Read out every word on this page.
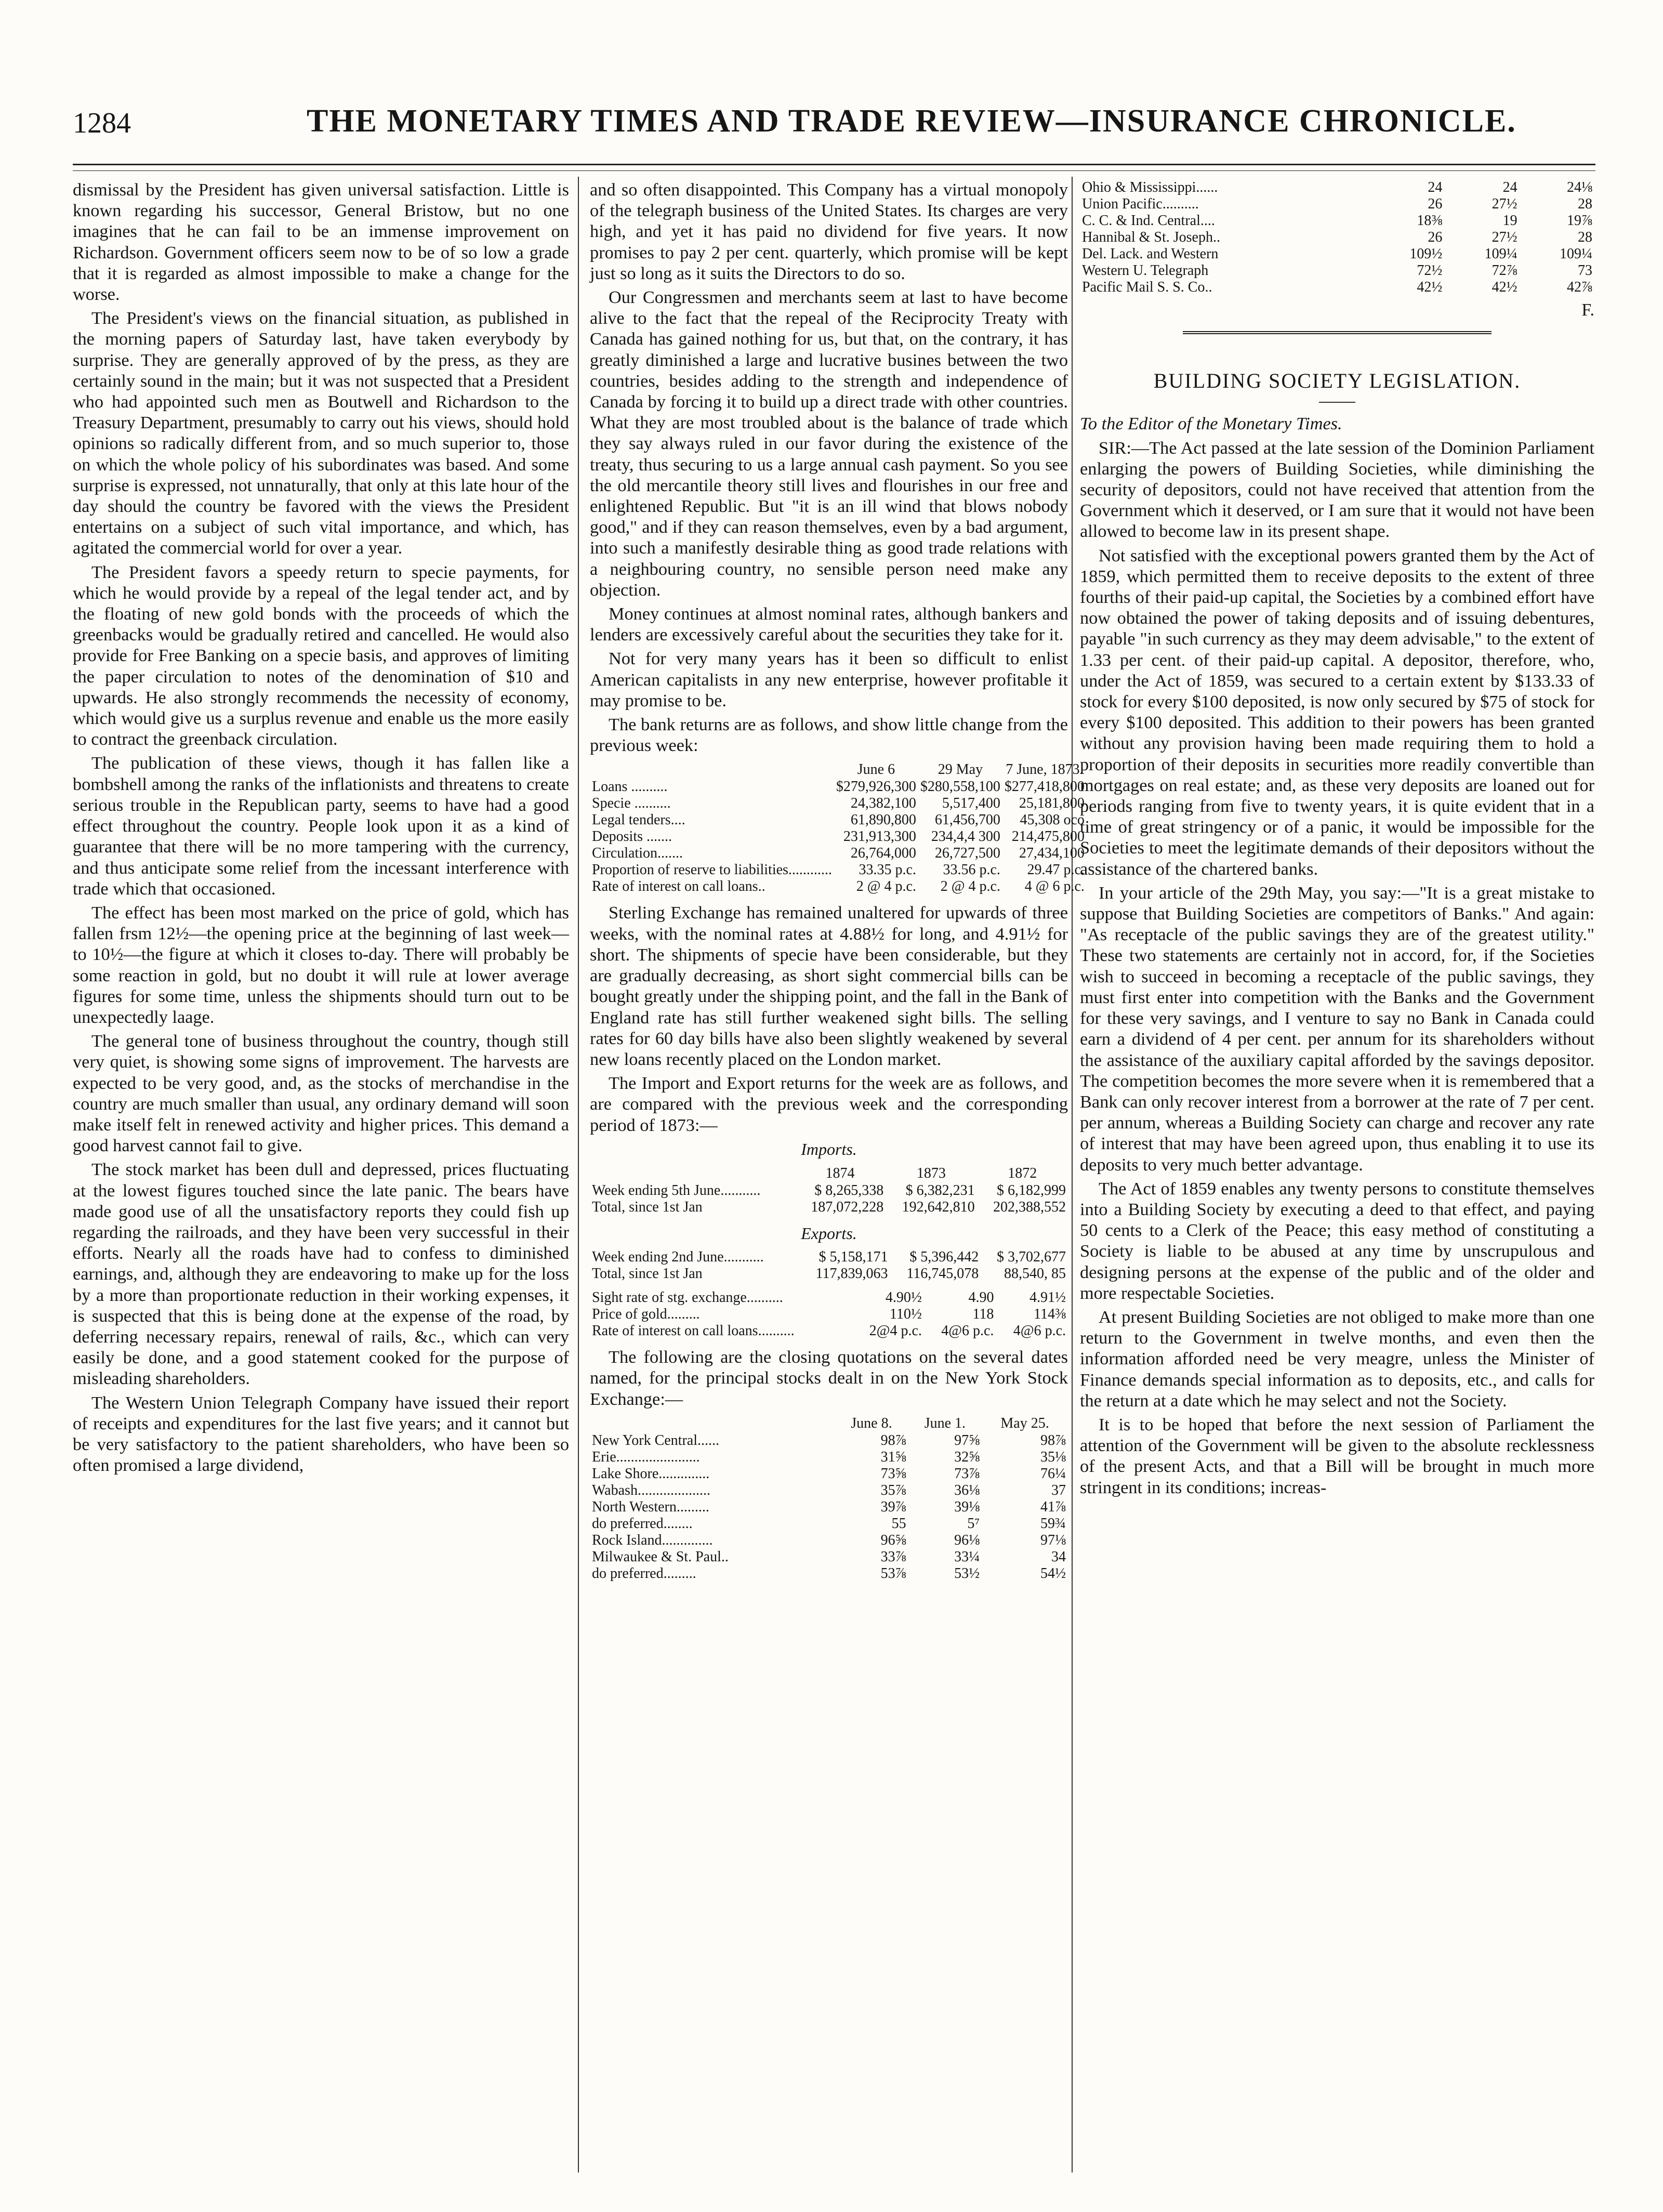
1284	THE MONETARY TIMES AND TRADE REVIEW—INSURANCE CHRONICLE.

dismissal by the President has given universal satisfaction. Little is known regarding his successor, General Bristow, but no one imagines that he can fail to be an immense improvement on Richardson. Government officers seem now to be of so low a grade that it is regarded as almost impossible to make a change for the worse.

The President's views on the financial situation, as published in the morning papers of Saturday last, have taken everybody by surprise. They are generally approved of by the press, as they are certainly sound in the main; but it was not suspected that a President who had appointed such men as Boutwell and Richardson to the Treasury Department, presumably to carry out his views, should hold opinions so radically different from, and so much superior to, those on which the whole policy of his subordinates was based. And some surprise is expressed, not unnaturally, that only at this late hour of the day should the country be favored with the views the President entertains on a subject of such vital importance, and which, has agitated the commercial world for over a year.

The President favors a speedy return to specie payments, for which he would provide by a repeal of the legal tender act, and by the floating of new gold bonds with the proceeds of which the greenbacks would be gradually retired and cancelled. He would also provide for Free Banking on a specie basis, and approves of limiting the paper circulation to notes of the denomination of $10 and upwards. He also strongly recommends the necessity of economy, which would give us a surplus revenue and enable us the more easily to contract the greenback circulation.

The publication of these views, though it has fallen like a bombshell among the ranks of the inflationists and threatens to create serious trouble in the Republican party, seems to have had a good effect throughout the country. People look upon it as a kind of guarantee that there will be no more tampering with the currency, and thus anticipate some relief from the incessant interference with trade which that occasioned.

The effect has been most marked on the price of gold, which has fallen frsm 12½—the opening price at the beginning of last week—to 10½—the figure at which it closes to-day. There will probably be some reaction in gold, but no doubt it will rule at lower average figures for some time, unless the shipments should turn out to be unexpectedly laage.

The general tone of business throughout the country, though still very quiet, is showing some signs of improvement. The harvests are expected to be very good, and, as the stocks of merchandise in the country are much smaller than usual, any ordinary demand will soon make itself felt in renewed activity and higher prices. This demand a good harvest cannot fail to give.

The stock market has been dull and depressed, prices fluctuating at the lowest figures touched since the late panic. The bears have made good use of all the unsatisfactory reports they could fish up regarding the railroads, and they have been very successful in their efforts. Nearly all the roads have had to confess to diminished earnings, and, although they are endeavoring to make up for the loss by a more than proportionate reduction in their working expenses, it is suspected that this is being done at the expense of the road, by deferring necessary repairs, renewal of rails, &c., which can very easily be done, and a good statement cooked for the purpose of misleading shareholders.

The Western Union Telegraph Company have issued their report of receipts and expenditures for the last five years; and it cannot but be very satisfactory to the patient shareholders, who have been so often promised a large dividend,

and so often disappointed. This Company has a virtual monopoly of the telegraph business of the United States. Its charges are very high, and yet it has paid no dividend for five years. It now promises to pay 2 per cent. quarterly, which promise will be kept just so long as it suits the Directors to do so.

Our Congressmen and merchants seem at last to have become alive to the fact that the repeal of the Reciprocity Treaty with Canada has gained nothing for us, but that, on the contrary, it has greatly diminished a large and lucrative busines between the two countries, besides adding to the strength and independence of Canada by forcing it to build up a direct trade with other countries. What they are most troubled about is the balance of trade which they say always ruled in our favor during the existence of the treaty, thus securing to us a large annual cash payment. So you see the old mercantile theory still lives and flourishes in our free and enlightened Republic. But "it is an ill wind that blows nobody good," and if they can reason themselves, even by a bad argument, into such a manifestly desirable thing as good trade relations with a neighbouring country, no sensible person need make any objection.

Money continues at almost nominal rates, although bankers and lenders are excessively careful about the securities they take for it.

Not for very many years has it been so difficult to enlist American capitalists in any new enterprise, however profitable it may promise to be.

The bank returns are as follows, and show little change from the previous week:

	June 6	29 May	7 June, 1873.
Loans ..........	$279,926,300	$280,558,100	$277,418,800
Specie ..........	24,382,100	5,517,400	25,181,800
Legal tenders....	61,890,800	61,456,700	45,308 oco
Deposits .......	231,913,300	234,4,4 300	214,475,800
Circulation.......	26,764,000	26,727,500	27,434,100
Proportion of reserve to liabilities............	33.35 p.c.	33.56 p.c.	29.47 p.c.
Rate of interest on call loans..	2 @ 4 p.c.	2 @ 4 p.c.	4 @ 6 p.c.

Sterling Exchange has remained unaltered for upwards of three weeks, with the nominal rates at 4.88½ for long, and 4.91½ for short. The shipments of specie have been considerable, but they are gradually decreasing, as short sight commercial bills can be bought greatly under the shipping point, and the fall in the Bank of England rate has still further weakened sight bills. The selling rates for 60 day bills have also been slightly weakened by several new loans recently placed on the London market.

The Import and Export returns for the week are as follows, and are compared with the previous week and the corresponding period of 1873:—

Imports.
	1874	1873	1872
Week ending 5th June...........	$ 8,265,338	$ 6,382,231	$ 6,182,999
Total, since 1st Jan	187,072,228	192,642,810	202,388,552
Exports.
Week ending 2nd June...........	$ 5,158,171	$ 5,396,442	$ 3,702,677
Total, since 1st Jan	117,839,063	116,745,078	88,540, 85
Sight rate of stg. exchange..........	4.90½	4.90	4.91½
Price of gold.........	110½	118	114⅜
Rate of interest on call loans..........	2@4 p.c.	4@6 p.c.	4@6 p.c.

The following are the closing quotations on the several dates named, for the principal stocks dealt in on the New York Stock Exchange:—

	June 8.	June 1.	May 25.
New York Central......	98⅞	97⅝	98⅞
Erie.......................	31⅝	32⅝	35⅛
Lake Shore..............	73⅝	73⅞	76¼
Wabash....................	35⅞	36⅛	37
North Western.........	39⅞	39⅛	41⅞
do preferred........	55	5⁷	59¾
Rock Island..............	96⅝	96⅛	97⅛
Milwaukee & St. Paul..	33⅞	33¼	34
do preferred.........	53⅞	53½	54½
Ohio & Mississippi......	24	24	24⅛
Union Pacific..........	26	27½	28
C. C. & Ind. Central....	18⅜	19	19⅞
Hannibal & St. Joseph..	26	27½	28
Del. Lack. and Western	109½	109¼	109¼
Western U. Telegraph	72½	72⅞	73
Pacific Mail S. S. Co..	42½	42½	42⅞
F.
BUILDING SOCIETY LEGISLATION.

To the Editor of the Monetary Times.

SIR:—The Act passed at the late session of the Dominion Parliament enlarging the powers of Building Societies, while diminishing the security of depositors, could not have received that attention from the Government which it deserved, or I am sure that it would not have been allowed to become law in its present shape.

Not satisfied with the exceptional powers granted them by the Act of 1859, which permitted them to receive deposits to the extent of three fourths of their paid-up capital, the Societies by a combined effort have now obtained the power of taking deposits and of issuing debentures, payable "in such currency as they may deem advisable," to the extent of 1.33 per cent. of their paid-up capital. A depositor, therefore, who, under the Act of 1859, was secured to a certain extent by $133.33 of stock for every $100 deposited, is now only secured by $75 of stock for every $100 deposited. This addition to their powers has been granted without any provision having been made requiring them to hold a proportion of their deposits in securities more readily convertible than mortgages on real estate; and, as these very deposits are loaned out for periods ranging from five to twenty years, it is quite evident that in a time of great stringency or of a panic, it would be impossible for the Societies to meet the legitimate demands of their depositors without the assistance of the chartered banks.

In your article of the 29th May, you say:—"It is a great mistake to suppose that Building Societies are competitors of Banks." And again: "As receptacle of the public savings they are of the greatest utility." These two statements are certainly not in accord, for, if the Societies wish to succeed in becoming a receptacle of the public savings, they must first enter into competition with the Banks and the Government for these very savings, and I venture to say no Bank in Canada could earn a dividend of 4 per cent. per annum for its shareholders without the assistance of the auxiliary capital afforded by the savings depositor. The competition becomes the more severe when it is remembered that a Bank can only recover interest from a borrower at the rate of 7 per cent. per annum, whereas a Building Society can charge and recover any rate of interest that may have been agreed upon, thus enabling it to use its deposits to very much better advantage.

The Act of 1859 enables any twenty persons to constitute themselves into a Building Society by executing a deed to that effect, and paying 50 cents to a Clerk of the Peace; this easy method of constituting a Society is liable to be abused at any time by unscrupulous and designing persons at the expense of the public and of the older and more respectable Societies.

At present Building Societies are not obliged to make more than one return to the Government in twelve months, and even then the information afforded need be very meagre, unless the Minister of Finance demands special information as to deposits, etc., and calls for the return at a date which he may select and not the Society.

It is to be hoped that before the next session of Parliament the attention of the Government will be given to the absolute recklessness of the present Acts, and that a Bill will be brought in much more stringent in its conditions; increas-
